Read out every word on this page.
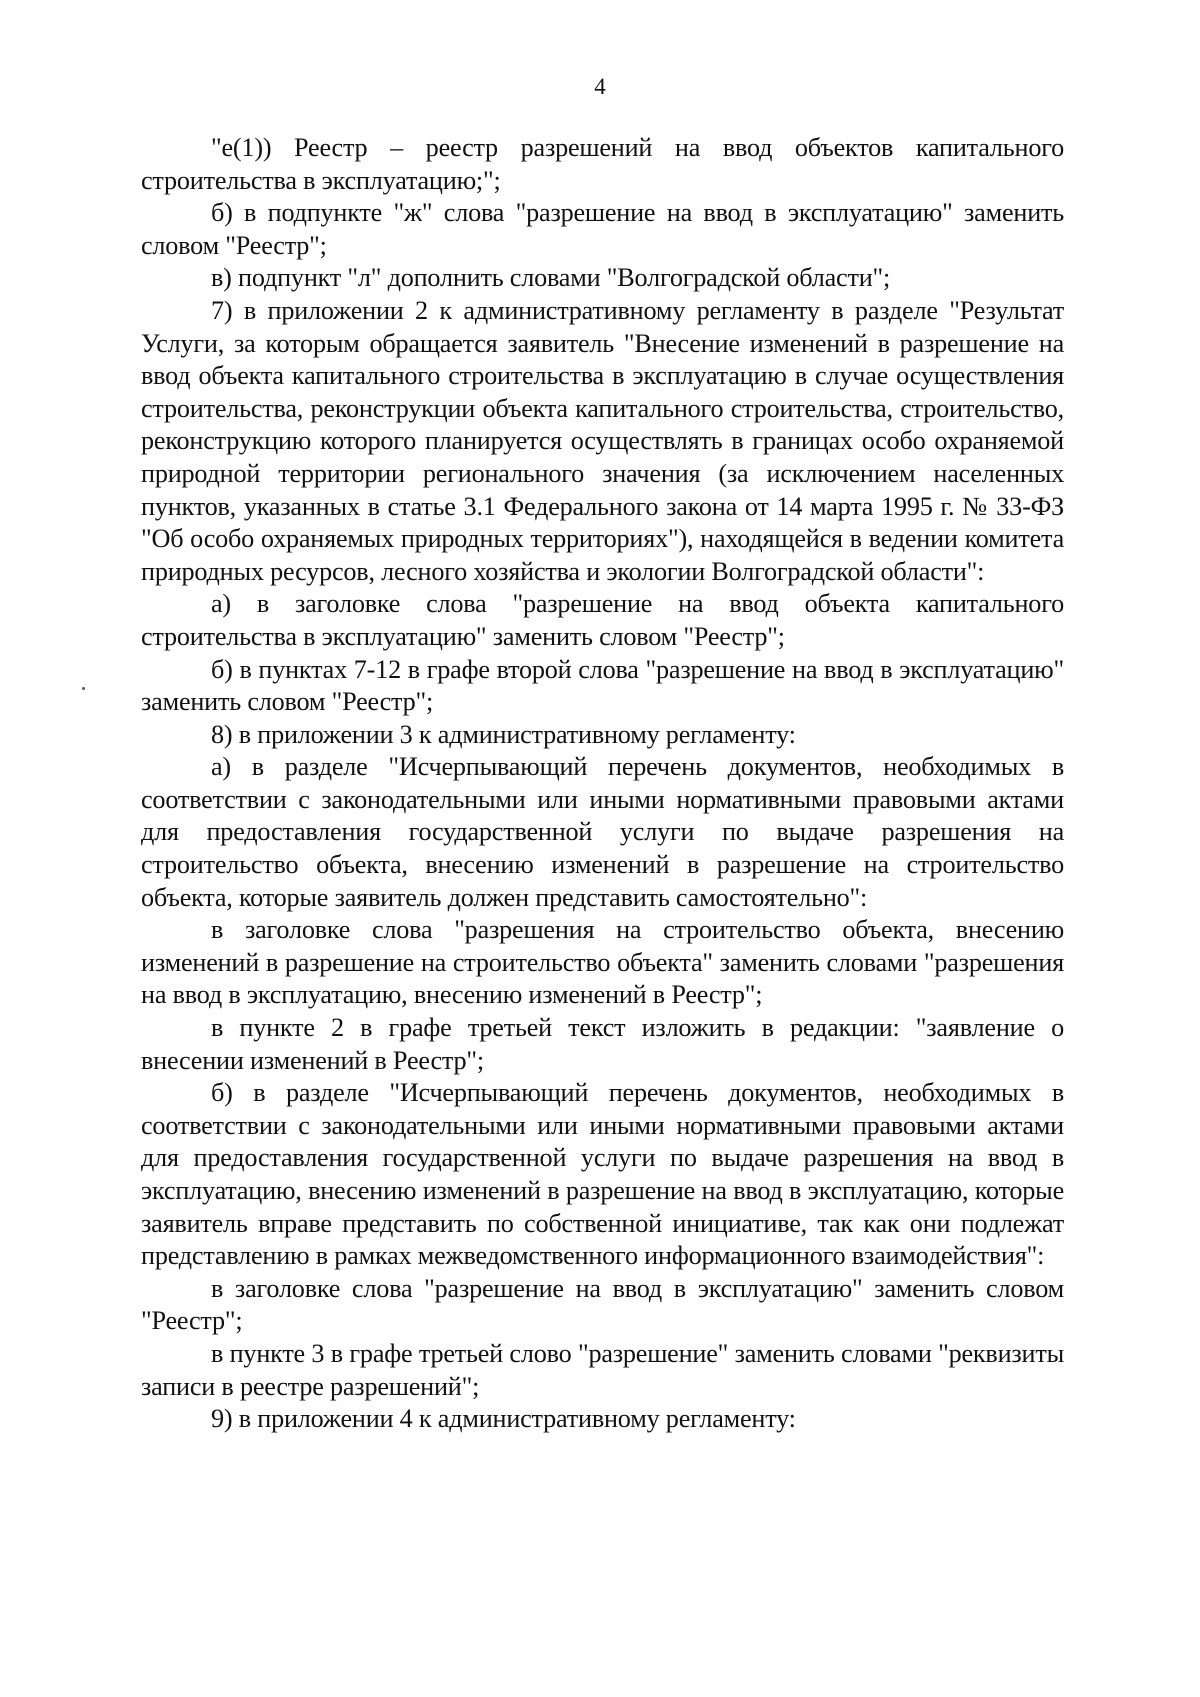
4

"е(1)) Реестр – реестр разрешений на ввод объектов капитального строительства в эксплуатацию;";

б) в подпункте "ж" слова "разрешение на ввод в эксплуатацию" заменить словом "Реестр";

в) подпункт "л" дополнить словами "Волгоградской области";

7) в приложении 2 к административному регламенту в разделе "Результат Услуги, за которым обращается заявитель "Внесение изменений в разрешение на ввод объекта капитального строительства в эксплуатацию в случае осуществления строительства, реконструкции объекта капитального строительства, строительство, реконструкцию которого планируется осуществлять в границах особо охраняемой природной территории регионального значения (за исключением населенных пунктов, указанных в статье 3.1 Федерального закона от 14 марта 1995 г. № 33-ФЗ "Об особо охраняемых природных территориях"), находящейся в ведении комитета природных ресурсов, лесного хозяйства и экологии Волгоградской области":

а) в заголовке слова "разрешение на ввод объекта капитального строительства в эксплуатацию" заменить словом "Реестр";

б) в пунктах 7-12 в графе второй слова "разрешение на ввод в эксплуатацию" заменить словом "Реестр";

8) в приложении 3 к административному регламенту:

а) в разделе "Исчерпывающий перечень документов, необходимых в соответствии с законодательными или иными нормативными правовыми актами для предоставления государственной услуги по выдаче разрешения на строительство объекта, внесению изменений в разрешение на строительство объекта, которые заявитель должен представить самостоятельно":

в заголовке слова "разрешения на строительство объекта, внесению изменений в разрешение на строительство объекта" заменить словами "разрешения на ввод в эксплуатацию, внесению изменений в Реестр";

в пункте 2 в графе третьей текст изложить в редакции: "заявление о внесении изменений в Реестр";

б) в разделе "Исчерпывающий перечень документов, необходимых в соответствии с законодательными или иными нормативными правовыми актами для предоставления государственной услуги по выдаче разрешения на ввод в эксплуатацию, внесению изменений в разрешение на ввод в эксплуатацию, которые заявитель вправе представить по собственной инициативе, так как они подлежат представлению в рамках межведомственного информационного взаимодействия":

в заголовке слова "разрешение на ввод в эксплуатацию" заменить словом "Реестр";

в пункте 3 в графе третьей слово "разрешение" заменить словами "реквизиты записи в реестре разрешений";

9) в приложении 4 к административному регламенту:
